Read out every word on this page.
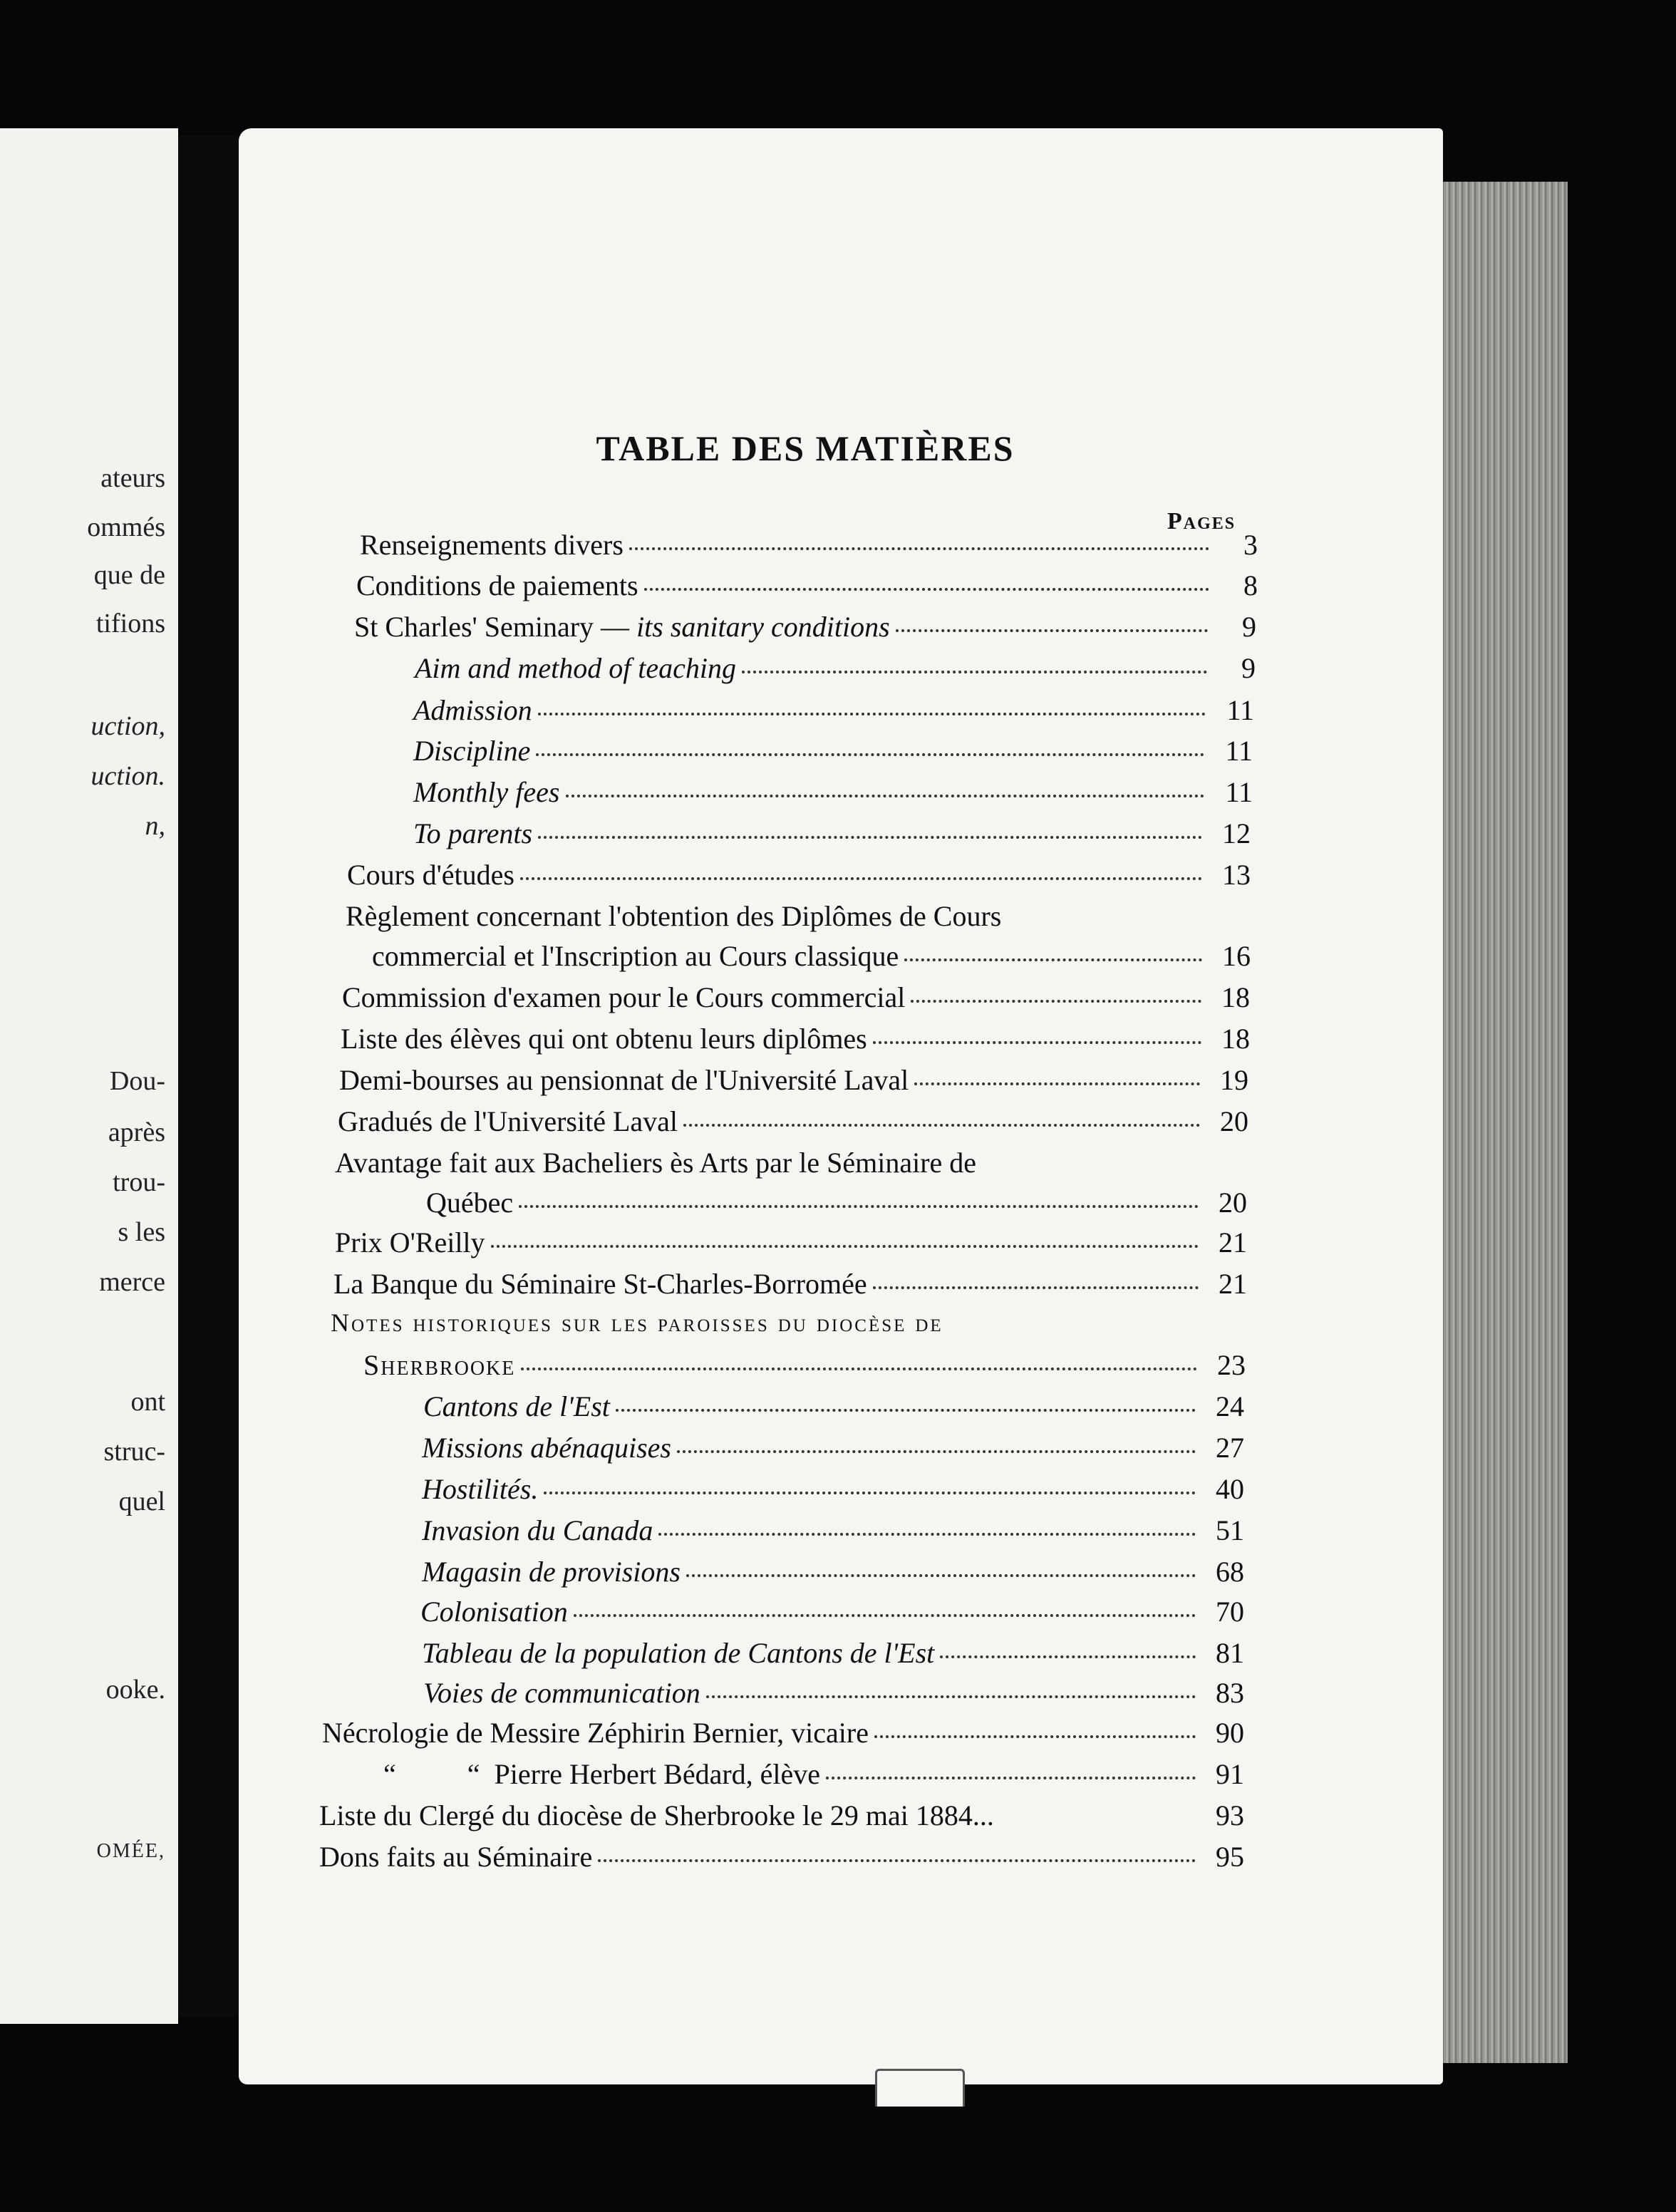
ateurs
ommés
que de
tifions
uction,
uction.
n,
Dou-
après
trou-
s les
merce
ont
struc-
quel
ooke.
OMÉE,
TABLE DES MATIÈRES
Pages
Renseignements divers	3
Conditions de paiements	8
St Charles' Seminary — its sanitary conditions	9
Aim and method of teaching	9
Admission	11
Discipline	11
Monthly fees	11
To parents	12
Cours d'études	13
Règlement concernant l'obtention des Diplômes de Cours
commercial et l'Inscription au Cours classique	16
Commission d'examen pour le Cours commercial	18
Liste des élèves qui ont obtenu leurs diplômes	18
Demi-bourses au pensionnat de l'Université Laval	19
Gradués de l'Université Laval	20
Avantage fait aux Bacheliers ès Arts par le Séminaire de
Québec	20
Prix O'Reilly	21
La Banque du Séminaire St-Charles-Borromée	21
Notes historiques sur les paroisses du diocèse de
Sherbrooke	23
Cantons de l'Est	24
Missions abénaquises	27
Hostilités.	40
Invasion du Canada	51
Magasin de provisions	68
Colonisation	70
Tableau de la population de Cantons de l'Est	81
Voies de communication	83
Nécrologie de Messire Zéphirin Bernier, vicaire	90
“          “  Pierre Herbert Bédard, élève	91
Liste du Clergé du diocèse de Sherbrooke le 29 mai 1884...	93
Dons faits au Séminaire	95
